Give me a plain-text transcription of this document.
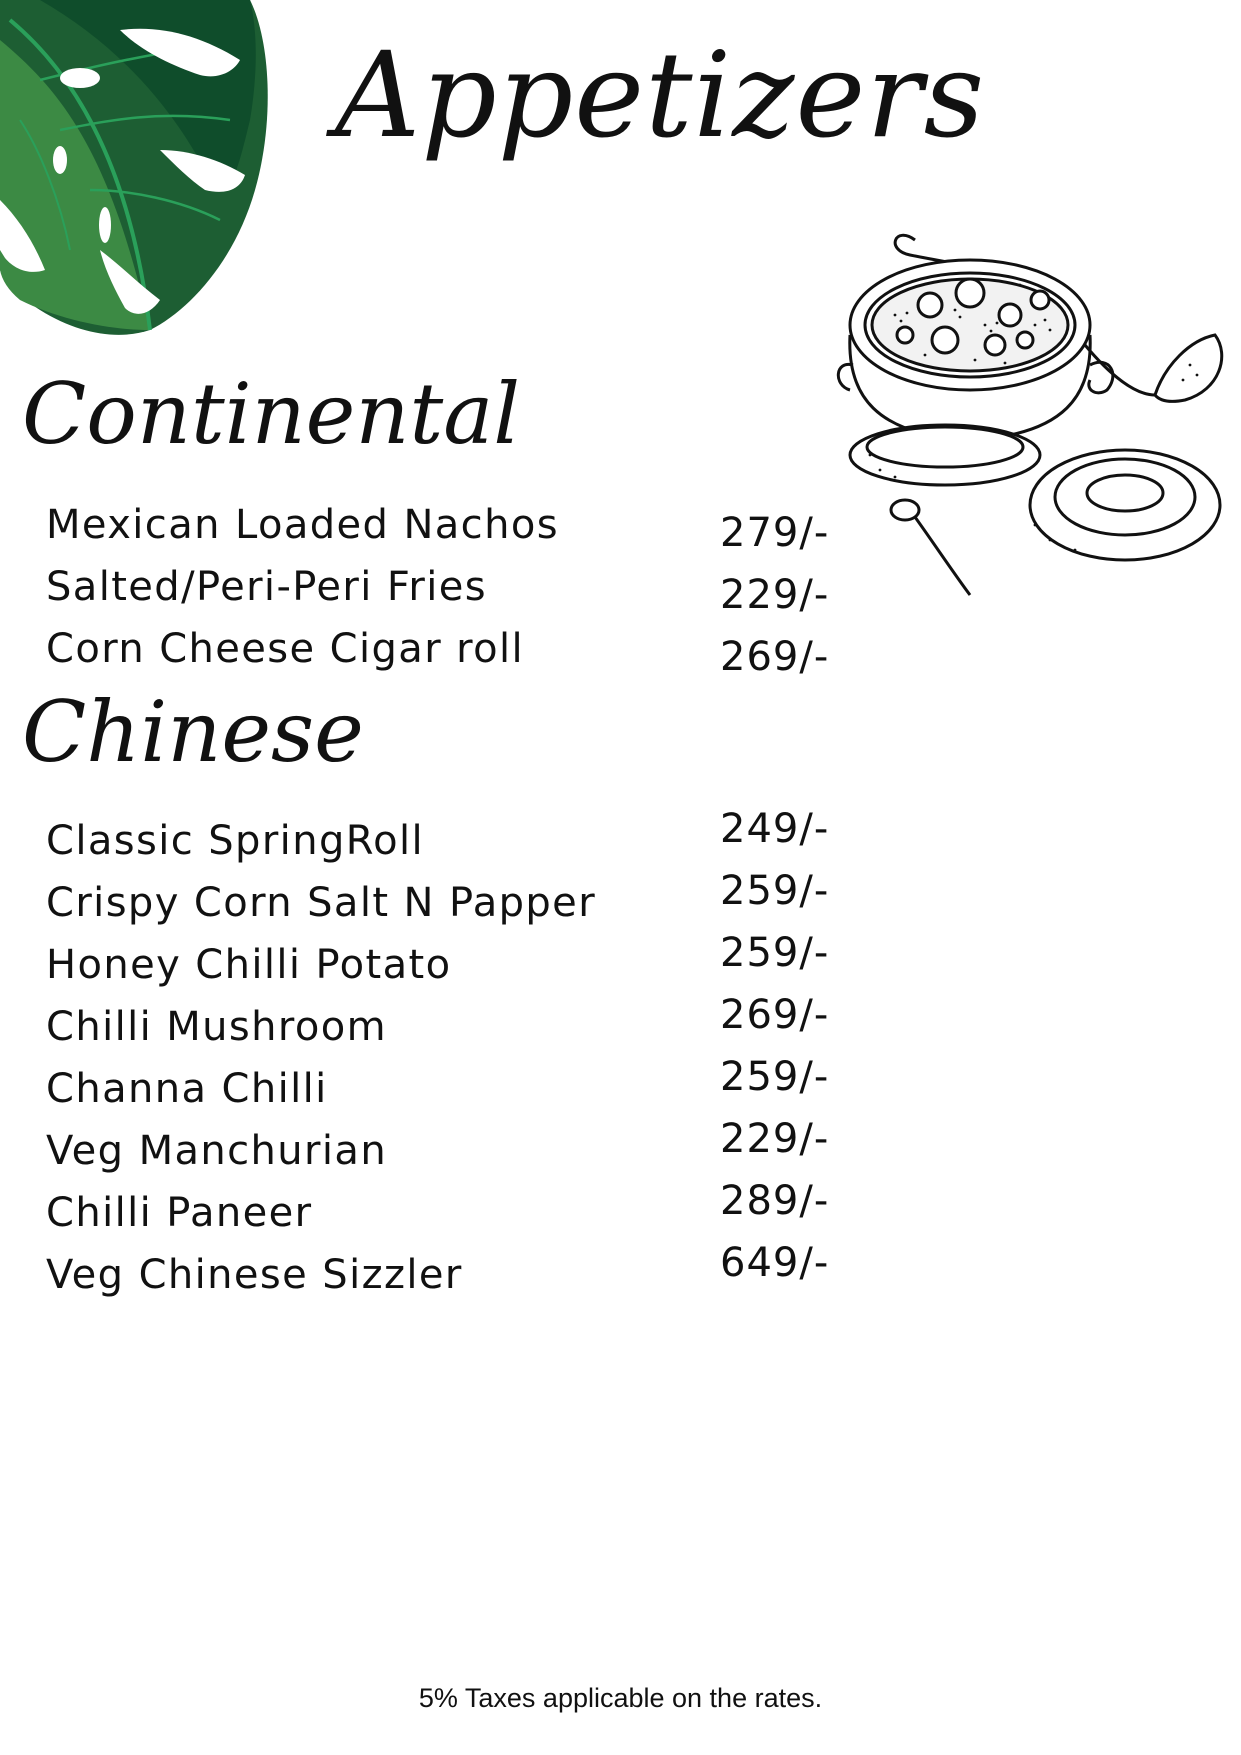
Appetizers
Continental
Mexican Loaded Nachos	279/-
Salted/Peri-Peri Fries	229/-
Corn Cheese Cigar roll	269/-
Chinese
Classic SpringRoll	249/-
Crispy Corn Salt N Papper	259/-
Honey Chilli Potato	259/-
Chilli Mushroom	269/-
Channa Chilli	259/-
Veg Manchurian	229/-
Chilli Paneer	289/-
Veg Chinese Sizzler	649/-
5% Taxes applicable on the rates.
